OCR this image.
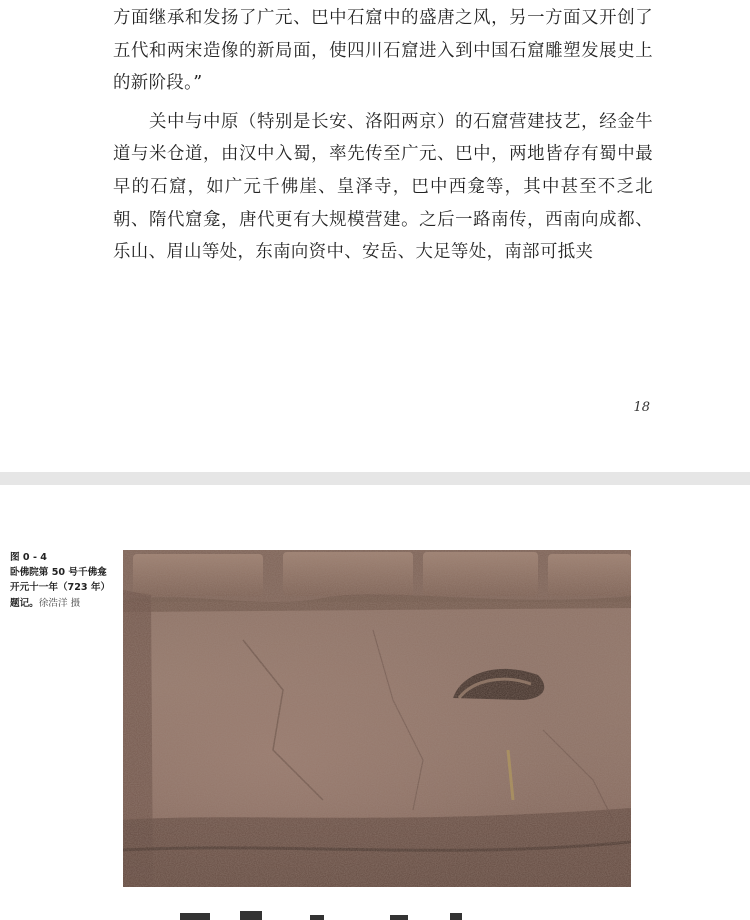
方面继承和发扬了广元、巴中石窟中的盛唐之风，另一方面又开创了五代和两宋造像的新局面，使四川石窟进入到中国石窟雕塑发展史上的新阶段。”

关中与中原（特别是长安、洛阳两京）的石窟营建技艺，经金牛道与米仓道，由汉中入蜀，率先传至广元、巴中，两地皆存有蜀中最早的石窟，如广元千佛崖、皇泽寺，巴中西龛等，其中甚至不乏北朝、隋代窟龛，唐代更有大规模营建。之后一路南传，西南向成都、乐山、眉山等处，东南向资中、安岳、大足等处，南部可抵夹

18
图 0 - 4
卧佛院第 50 号千佛龛开元十一年（723 年）题记。徐浩洋 摄
